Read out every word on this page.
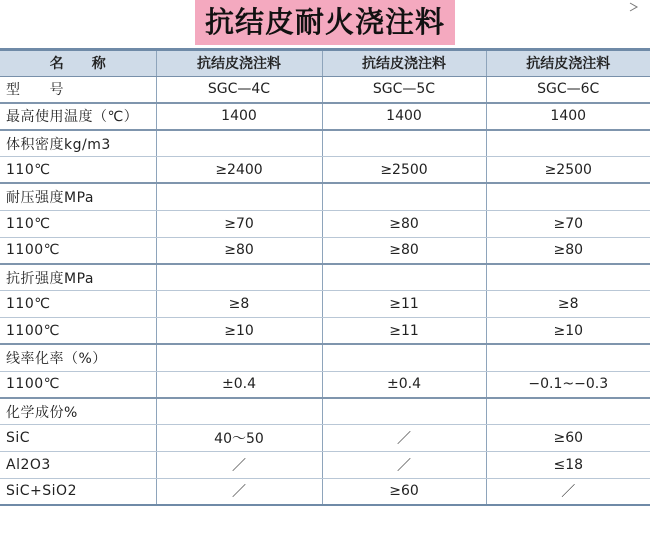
抗结皮耐火浇注料
名　　称	抗结皮浇注料	抗结皮浇注料	抗结皮浇注料
型　　号	SGC—4C	SGC—5C	SGC—6C
最高使用温度（℃）	1400	1400	1400
体积密度kg/m3			
110℃	≥2400	≥2500	≥2500
耐压强度MPa			
110℃	≥70	≥80	≥70
1100℃	≥80	≥80	≥80
抗折强度MPa			
110℃	≥8	≥11	≥8
1100℃	≥10	≥11	≥10
线率化率（%）			
1100℃	±0.4	±0.4	−0.1~−0.3
化学成份%			
SiC	40～50	／	≥60
Al2O3	／	／	≤18
SiC+SiO2	／	≥60	／
